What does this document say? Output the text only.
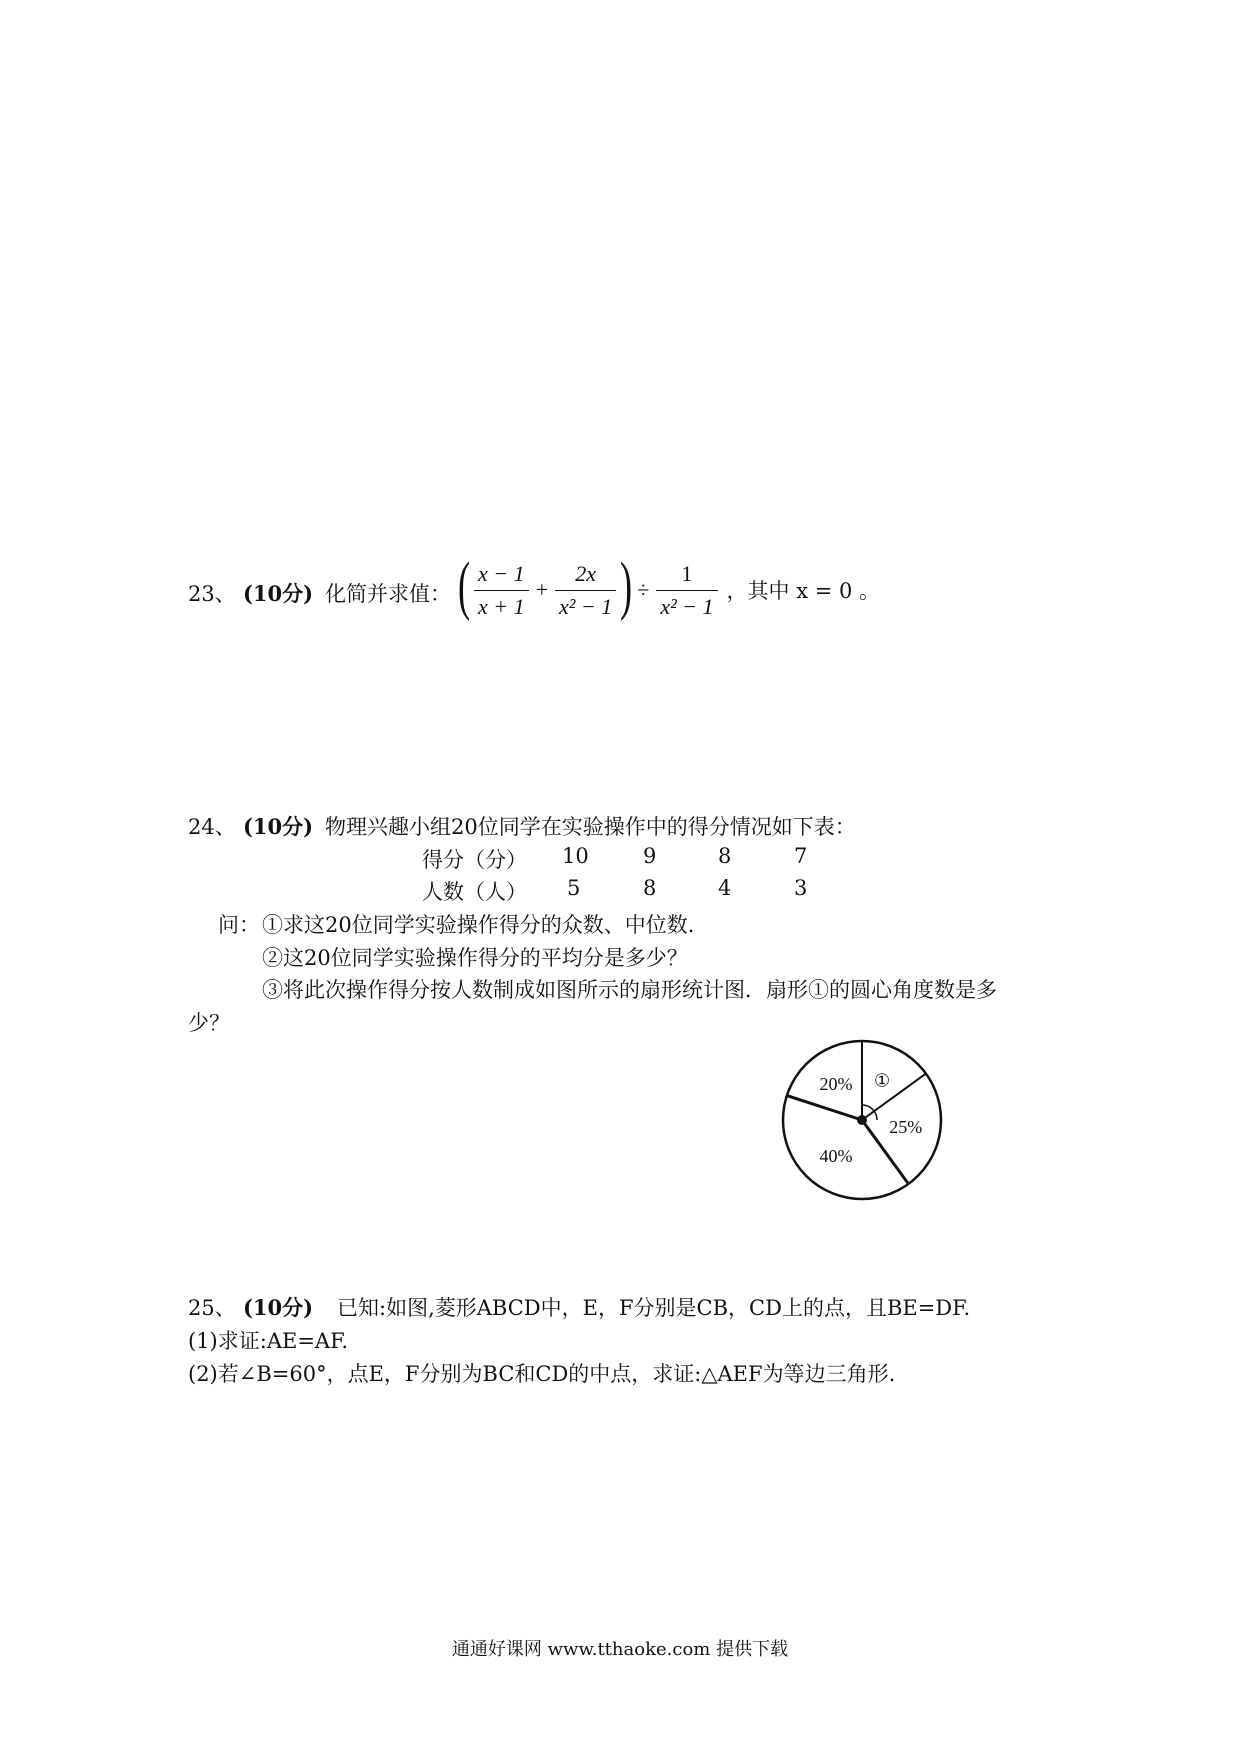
23、 (10分) 化简并求值： ( $\frac{x - 1}{x + 1} + \frac{2x}{\text{x² − 1}}$ ) ÷ $\frac{1}{\text{x² − 1}}$ ，其中 x = 0 。
24、 (10分) 物理兴趣小组20位同学在实验操作中的得分情况如下表：
得分（分） 10	9	8	7
人数（人） 5	8	4	3
问： ①求这20位同学实验操作得分的众数、中位数.
②这20位同学实验操作得分的平均分是多少？
③将此次操作得分按人数制成如图所示的扇形统计图．扇形①的圆心角度数是多
少？
①
25%
40%
20%
25、 (10分) 已知:如图,菱形ABCD中，E，F分别是CB，CD上的点，且BE=DF.
(1)求证:AE=AF.
(2)若∠B=60°，点E，F分别为BC和CD的中点，求证:△AEF为等边三角形.
通通好课网 www.tthaoke.com 提供下载
